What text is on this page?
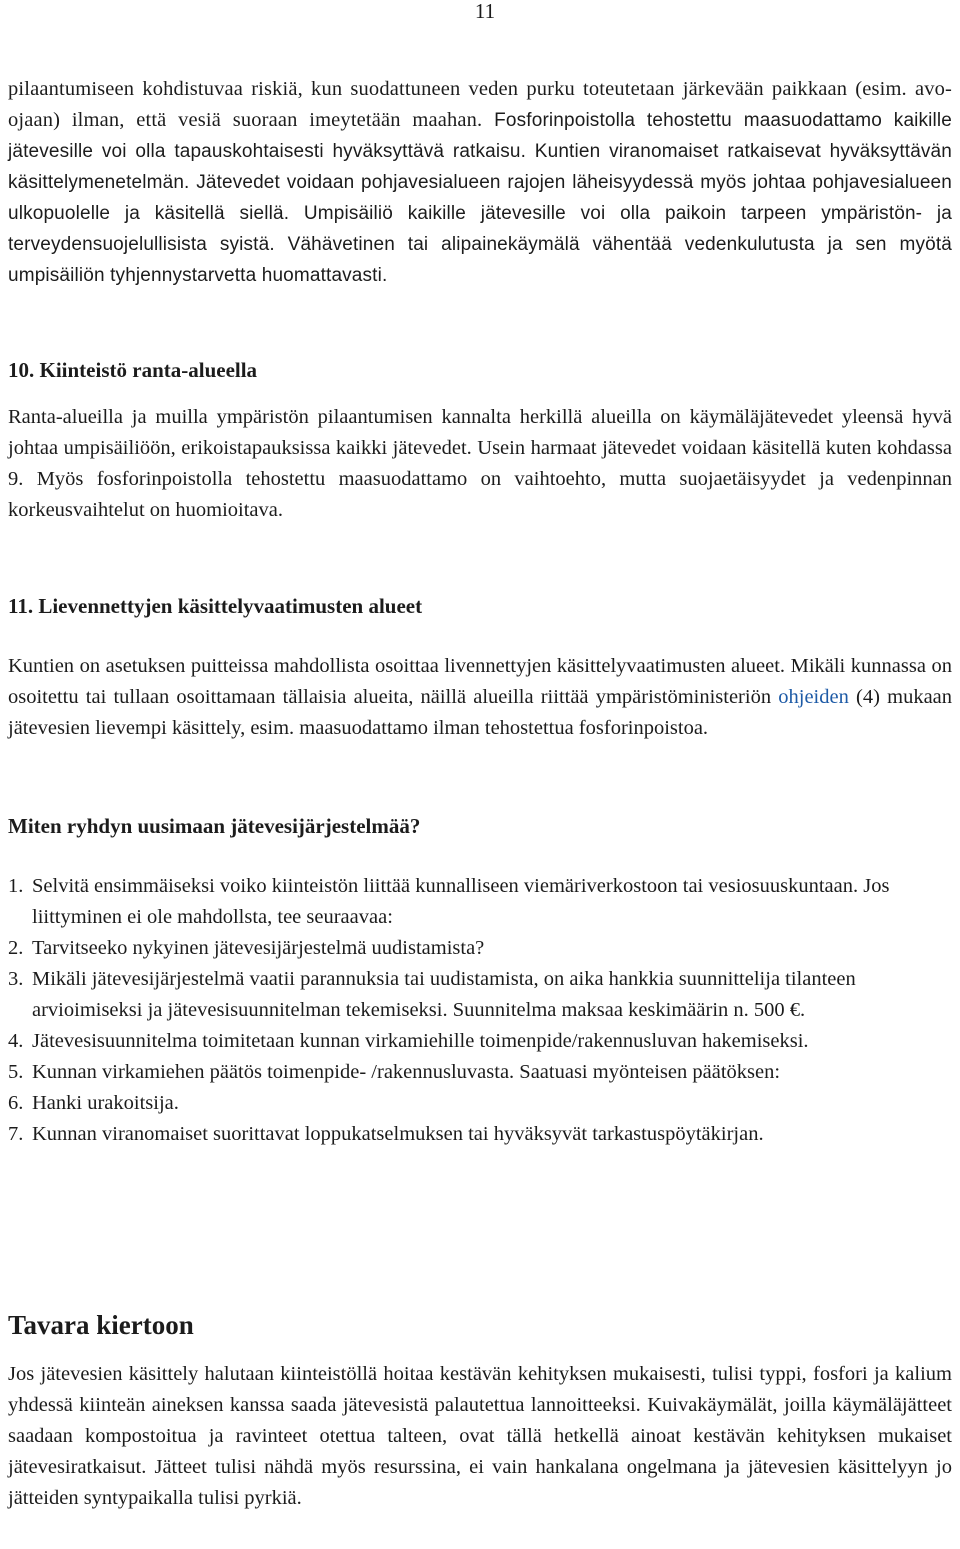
11

pilaantumiseen kohdistuvaa riskiä, kun suodattuneen veden purku toteutetaan järkevään paikkaan (esim. avo-ojaan) ilman, että vesiä suoraan imeytetään maahan. Fosforinpoistolla tehostettu maasuodattamo kaikille jätevesille voi olla tapauskohtaisesti hyväksyttävä ratkaisu. Kuntien viranomaiset ratkaisevat hyväksyttävän käsittelymenetelmän. Jätevedet voidaan pohjavesialueen rajojen läheisyydessä myös johtaa pohjavesialueen ulkopuolelle ja käsitellä siellä. Umpisäiliö kaikille jätevesille voi olla paikoin tarpeen ympäristön- ja terveydensuojelullisista syistä. Vähävetinen tai alipainekäymälä vähentää vedenkulutusta ja sen myötä umpisäiliön tyhjennystarvetta huomattavasti.

10. Kiinteistö ranta-alueella

Ranta-alueilla ja muilla ympäristön pilaantumisen kannalta herkillä alueilla on käymäläjätevedet yleensä hyvä johtaa umpisäiliöön, erikoistapauksissa kaikki jätevedet. Usein harmaat jätevedet voidaan käsitellä kuten kohdassa 9. Myös fosforinpoistolla tehostettu maasuodattamo on vaihtoehto, mutta suojaetäisyydet ja vedenpinnan korkeusvaihtelut on huomioitava.

11. Lievennettyjen käsittelyvaatimusten alueet

Kuntien on asetuksen puitteissa mahdollista osoittaa livennettyjen käsittelyvaatimusten alueet. Mikäli kunnassa on osoitettu tai tullaan osoittamaan tällaisia alueita, näillä alueilla riittää ympäristöministeriön ohjeiden (4) mukaan jätevesien lievempi käsittely, esim. maasuodattamo ilman tehostettua fosforinpoistoa.

Miten ryhdyn uusimaan jätevesijärjestelmää?
1. Selvitä ensimmäiseksi voiko kiinteistön liittää kunnalliseen viemäriverkostoon tai vesiosuuskuntaan. Jos liittyminen ei ole mahdollsta, tee seuraavaa:
2. Tarvitseeko nykyinen jätevesijärjestelmä uudistamista?
3. Mikäli jätevesijärjestelmä vaatii parannuksia tai uudistamista, on aika hankkia suunnittelija tilanteen arvioimiseksi ja jätevesisuunnitelman tekemiseksi. Suunnitelma maksaa keskimäärin n. 500 €.
4. Jätevesisuunnitelma toimitetaan kunnan virkamiehille toimenpide/rakennusluvan hakemiseksi.
5. Kunnan virkamiehen päätös toimenpide- /rakennusluvasta. Saatuasi myönteisen päätöksen:
6. Hanki urakoitsija.
7. Kunnan viranomaiset suorittavat loppukatselmuksen tai hyväksyvät tarkastuspöytäkirjan.
Tavara kiertoon

Jos jätevesien käsittely halutaan kiinteistöllä hoitaa kestävän kehityksen mukaisesti, tulisi typpi, fosfori ja kalium yhdessä kiinteän aineksen kanssa saada jätevesistä palautettua lannoitteeksi. Kuivakäymälät, joilla käymäläjätteet saadaan kompostoitua ja ravinteet otettua talteen, ovat tällä hetkellä ainoat kestävän kehityksen mukaiset jätevesiratkaisut. Jätteet tulisi nähdä myös resurssina, ei vain hankalana ongelmana ja jätevesien käsittelyyn jo jätteiden syntypaikalla tulisi pyrkiä.
